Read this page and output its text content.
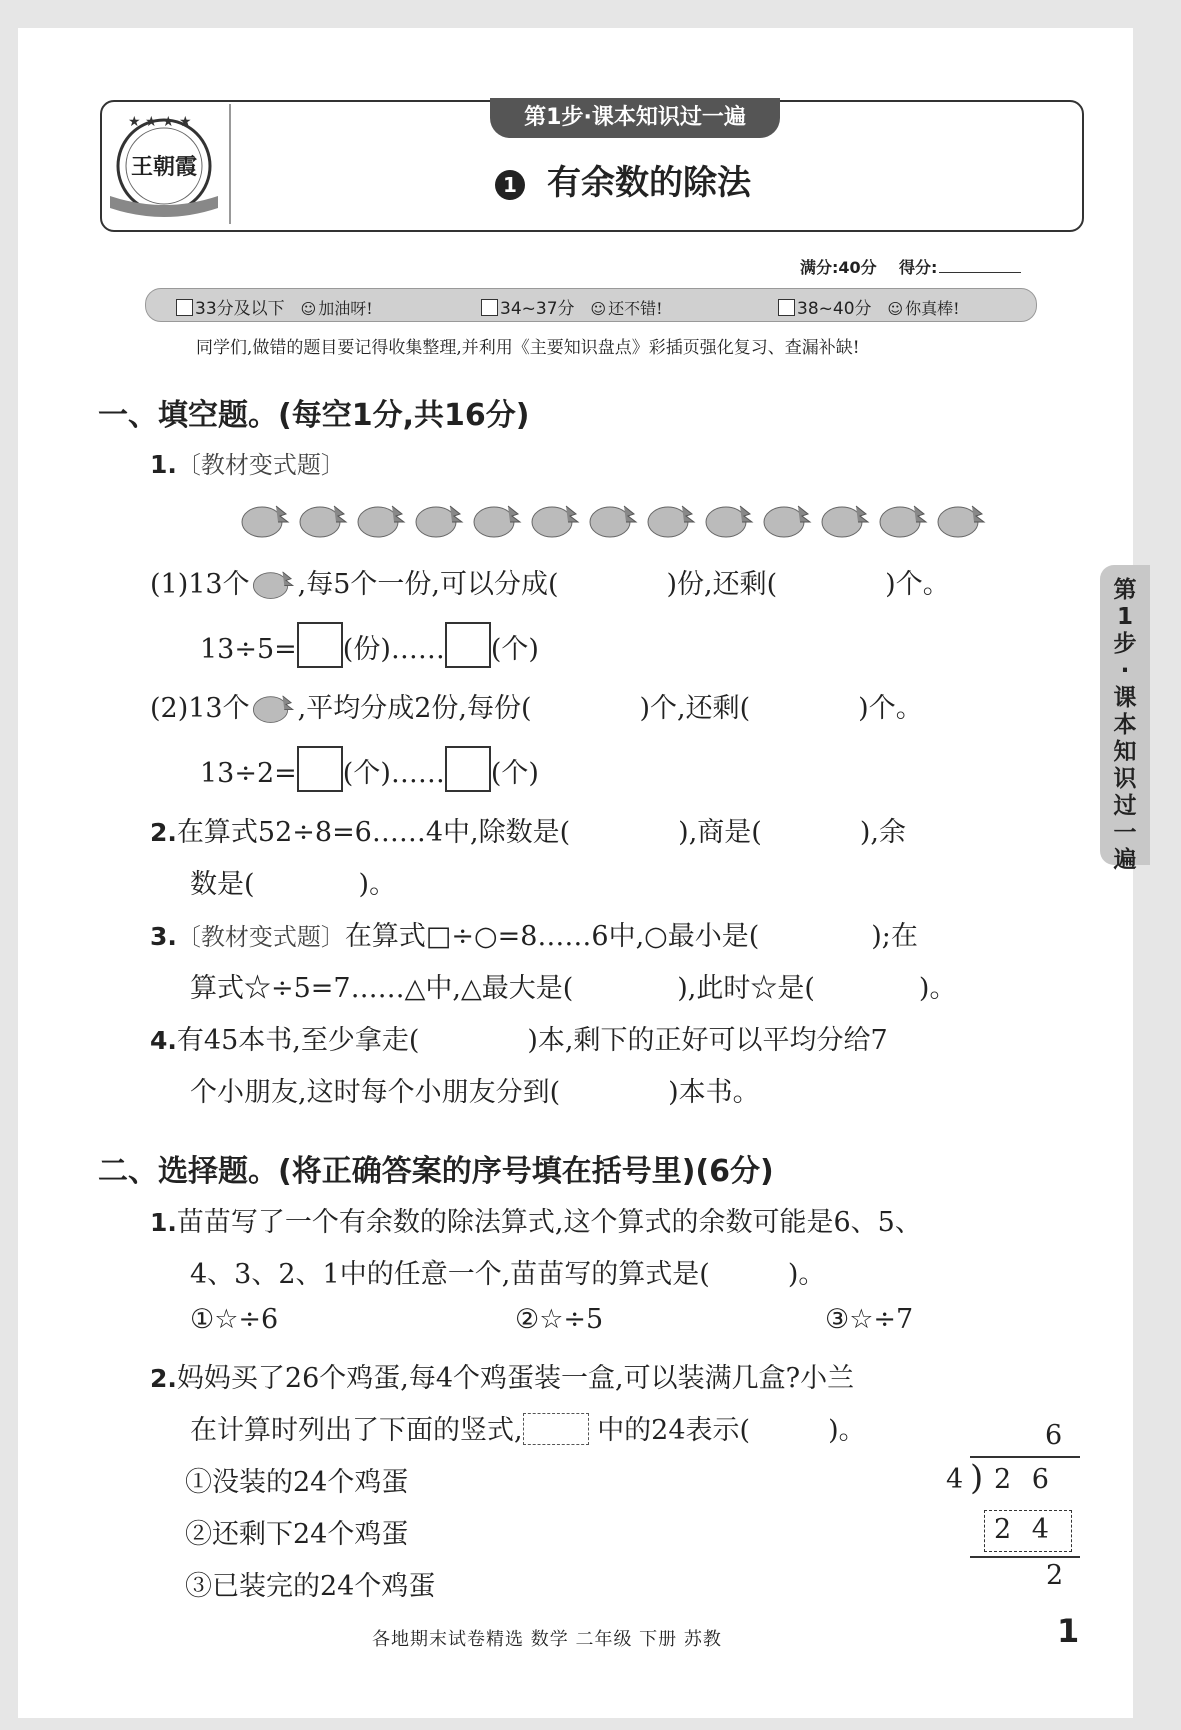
★ ★ ★ ★
王朝霞
第1步·课本知识过一遍
1 有余数的除法
满分:40分 得分:
33分及以下 ☺ 加油呀!	34~37分 ☺ 还不错!	38~40分 ☺ 你真棒!
同学们,做错的题目要记得收集整理,并利用《主要知识盘点》彩插页强化复习、查漏补缺!
一、填空题。(每空1分,共16分)
1.〔教材变式题〕
(1)13个 ,每5个一份,可以分成(	)份,还剩(	)个。
13÷5= (份)…… (个)
(2)13个 ,平均分成2份,每份(	)个,还剩(	)个。
13÷2= (个)…… (个)
2.在算式52÷8=6……4中,除数是(	),商是(	),余
数是(	)。
3.〔教材变式题〕在算式□÷○=8……6中,○最小是(	);在
算式☆÷5=7……△中,△最大是(	),此时☆是(	)。
4.有45本书,至少拿走(	)本,剩下的正好可以平均分给7
个小朋友,这时每个小朋友分到(	)本书。
二、选择题。(将正确答案的序号填在括号里)(6分)
1.苗苗写了一个有余数的除法算式,这个算式的余数可能是6、5、
4、3、2、1中的任意一个,苗苗写的算式是(	)。
①☆÷6	②☆÷5	③☆÷7
2.妈妈买了26个鸡蛋,每4个鸡蛋装一盒,可以装满几盒?小兰
在计算时列出了下面的竖式,	中的24表示(	)。
①没装的24个鸡蛋
②还剩下24个鸡蛋
③已装完的24个鸡蛋
6
4 ) 2 6
2 4
2
第
1
步
·
课
本
知
识
过
一
遍
各地期末试卷精选 数学 二年级 下册 苏教	1
